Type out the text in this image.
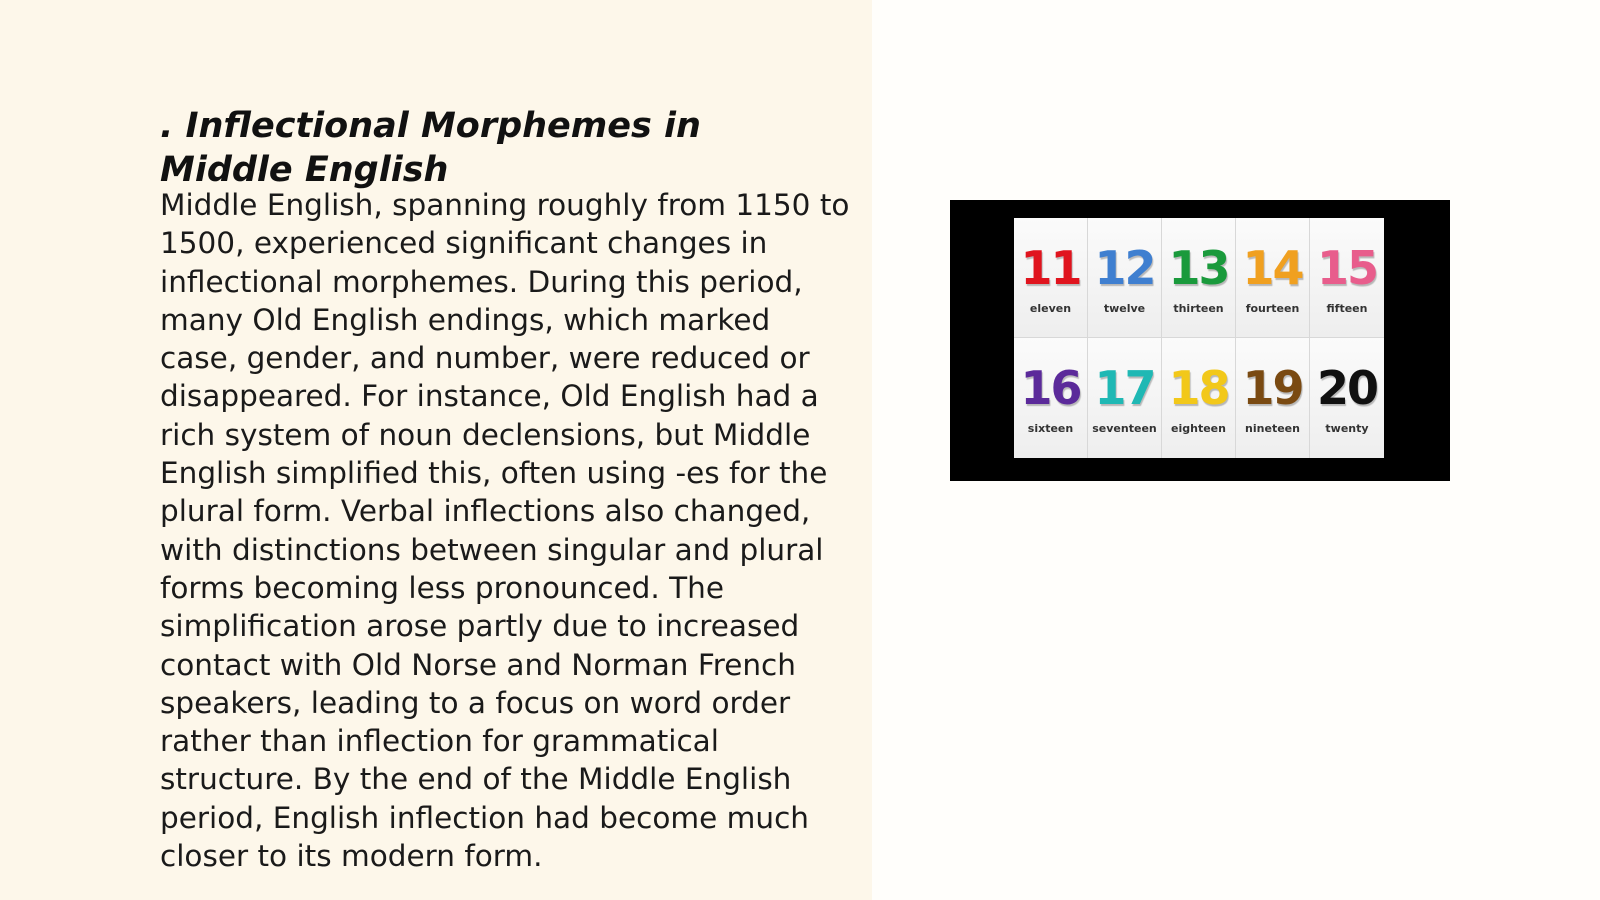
. Inflectional Morphemes in Middle English

Middle English, spanning roughly from 1150 to 1500, experienced significant changes in inflectional morphemes. During this period, many Old English endings, which marked case, gender, and number, were reduced or disappeared. For instance, Old English had a rich system of noun declensions, but Middle English simplified this, often using -es for the plural form. Verbal inflections also changed, with distinctions between singular and plural forms becoming less pronounced. The simplification arose partly due to increased contact with Old Norse and Norman French speakers, leading to a focus on word order rather than inflection for grammatical structure. By the end of the Middle English period, English inflection had become much closer to its modern form.

11
eleven
12
twelve
13
thirteen
14
fourteen
15
fifteen
16
sixteen
17
seventeen
18
eighteen
19
nineteen
20
twenty
